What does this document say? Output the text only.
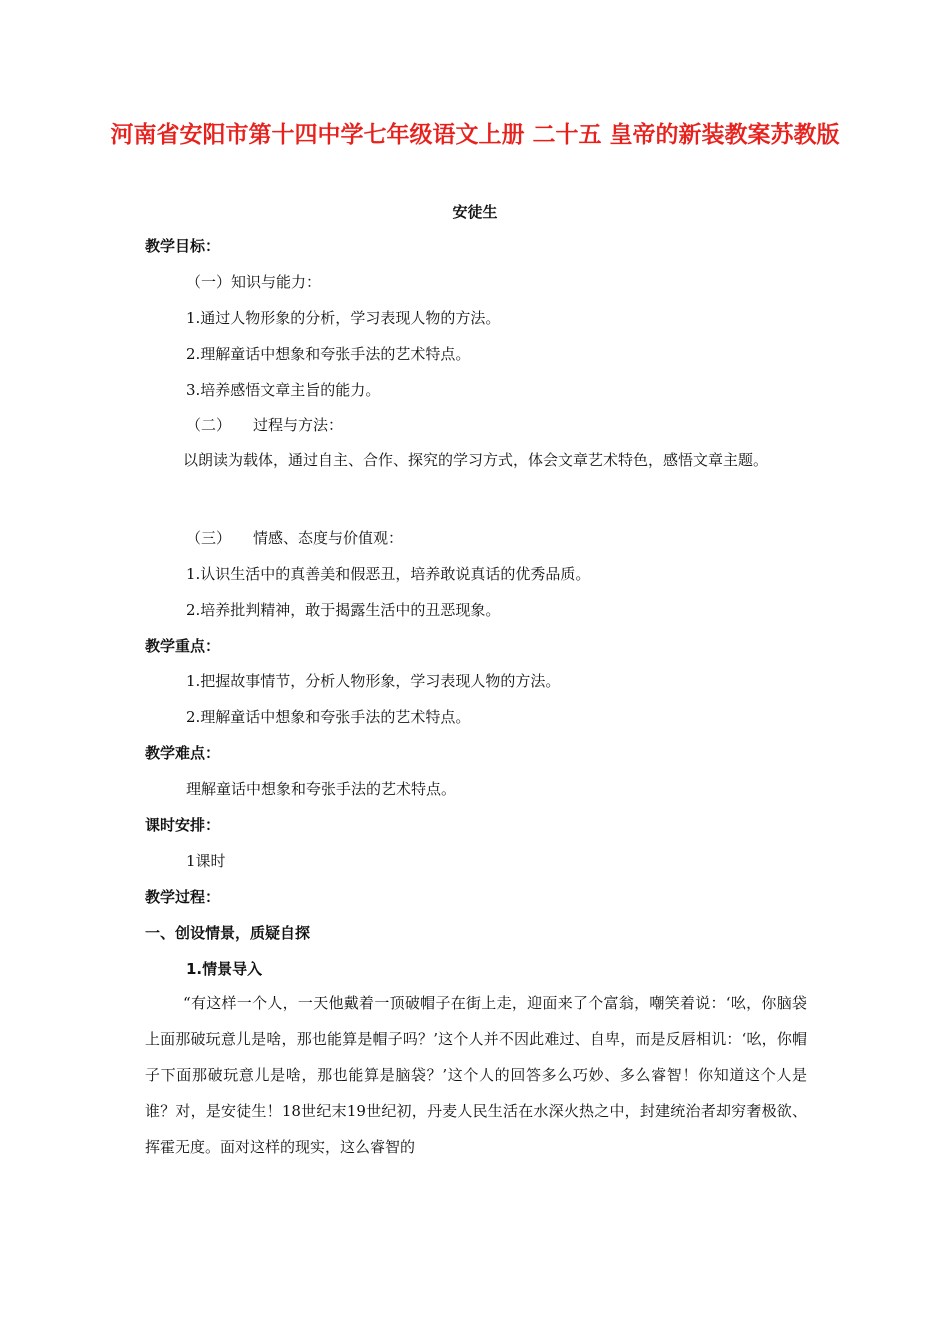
河南省安阳市第十四中学七年级语文上册 二十五 皇帝的新装教案苏教版
安徒生
教学目标：
（一）知识与能力：
1.通过人物形象的分析，学习表现人物的方法。
2.理解童话中想象和夸张手法的艺术特点。
3.培养感悟文章主旨的能力。
（二） 过程与方法：
以朗读为载体，通过自主、合作、探究的学习方式，体会文章艺术特色，感悟文章主题。
（三） 情感、态度与价值观：
1.认识生活中的真善美和假恶丑，培养敢说真话的优秀品质。
2.培养批判精神，敢于揭露生活中的丑恶现象。
教学重点：
1.把握故事情节，分析人物形象，学习表现人物的方法。
2.理解童话中想象和夸张手法的艺术特点。
教学难点：
理解童话中想象和夸张手法的艺术特点。
课时安排：
1课时
教学过程：
一、创设情景，质疑自探
1.情景导入
“有这样一个人，一天他戴着一顶破帽子在街上走，迎面来了个富翁，嘲笑着说：‘吆，你脑袋上面那破玩意儿是啥，那也能算是帽子吗？’这个人并不因此难过、自卑，而是反唇相讥：‘吆，你帽子下面那破玩意儿是啥，那也能算是脑袋？’这个人的回答多么巧妙、多么睿智！你知道这个人是谁？对，是安徒生！18世纪末19世纪初，丹麦人民生活在水深火热之中，封建统治者却穷奢极欲、挥霍无度。面对这样的现实，这么睿智的
